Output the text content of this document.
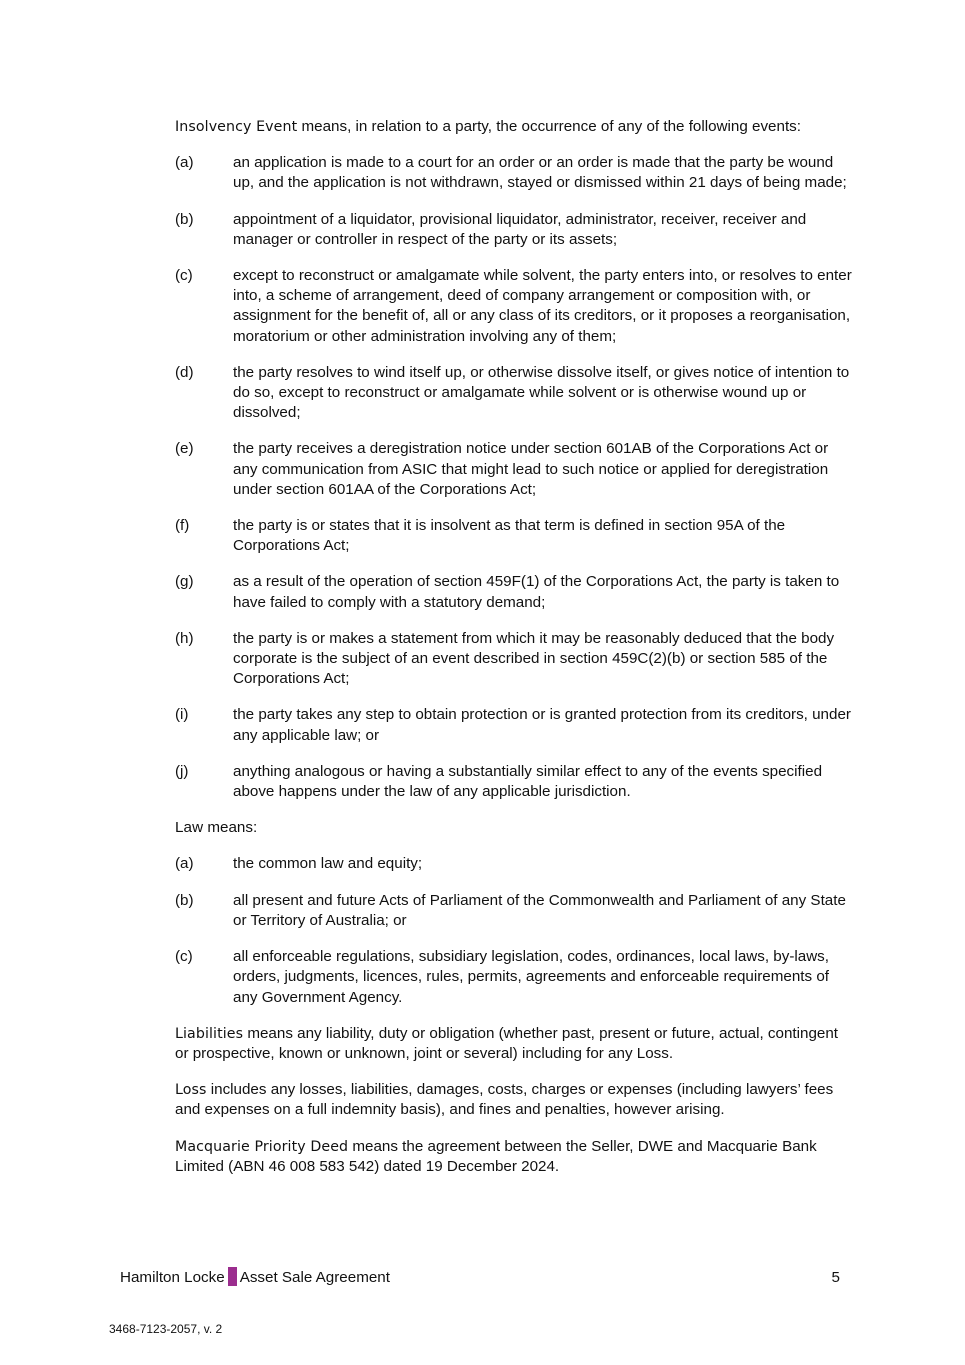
Insolvency Event means, in relation to a party, the occurrence of any of the following events:

(a)	an application is made to a court for an order or an order is made that the party be wound up, and the application is not withdrawn, stayed or dismissed within 21 days of being made;
(b)	appointment of a liquidator, provisional liquidator, administrator, receiver, receiver and manager or controller in respect of the party or its assets;
(c)	except to reconstruct or amalgamate while solvent, the party enters into, or resolves to enter into, a scheme of arrangement, deed of company arrangement or composition with, or assignment for the benefit of, all or any class of its creditors, or it proposes a reorganisation, moratorium or other administration involving any of them;
(d)	the party resolves to wind itself up, or otherwise dissolve itself, or gives notice of intention to do so, except to reconstruct or amalgamate while solvent or is otherwise wound up or dissolved;
(e)	the party receives a deregistration notice under section 601AB of the Corporations Act or any communication from ASIC that might lead to such notice or applied for deregistration under section 601AA of the Corporations Act;
(f)	the party is or states that it is insolvent as that term is defined in section 95A of the Corporations Act;
(g)	as a result of the operation of section 459F(1) of the Corporations Act, the party is taken to have failed to comply with a statutory demand;
(h)	the party is or makes a statement from which it may be reasonably deduced that the body corporate is the subject of an event described in section 459C(2)(b) or section 585 of the Corporations Act;
(i)	the party takes any step to obtain protection or is granted protection from its creditors, under any applicable law; or
(j)	anything analogous or having a substantially similar effect to any of the events specified above happens under the law of any applicable jurisdiction.

Law means:

(a)	the common law and equity;
(b)	all present and future Acts of Parliament of the Commonwealth and Parliament of any State or Territory of Australia; or
(c)	all enforceable regulations, subsidiary legislation, codes, ordinances, local laws, by-laws, orders, judgments, licences, rules, permits, agreements and enforceable requirements of any Government Agency.

Liabilities means any liability, duty or obligation (whether past, present or future, actual, contingent or prospective, known or unknown, joint or several) including for any Loss.

Loss includes any losses, liabilities, damages, costs, charges or expenses (including lawyers’ fees and expenses on a full indemnity basis), and fines and penalties, however arising.

Macquarie Priority Deed means the agreement between the Seller, DWE and Macquarie Bank Limited (ABN 46 008 583 542) dated 19 December 2024.

Hamilton Locke Asset Sale Agreement	5
3468-7123-2057, v. 2
